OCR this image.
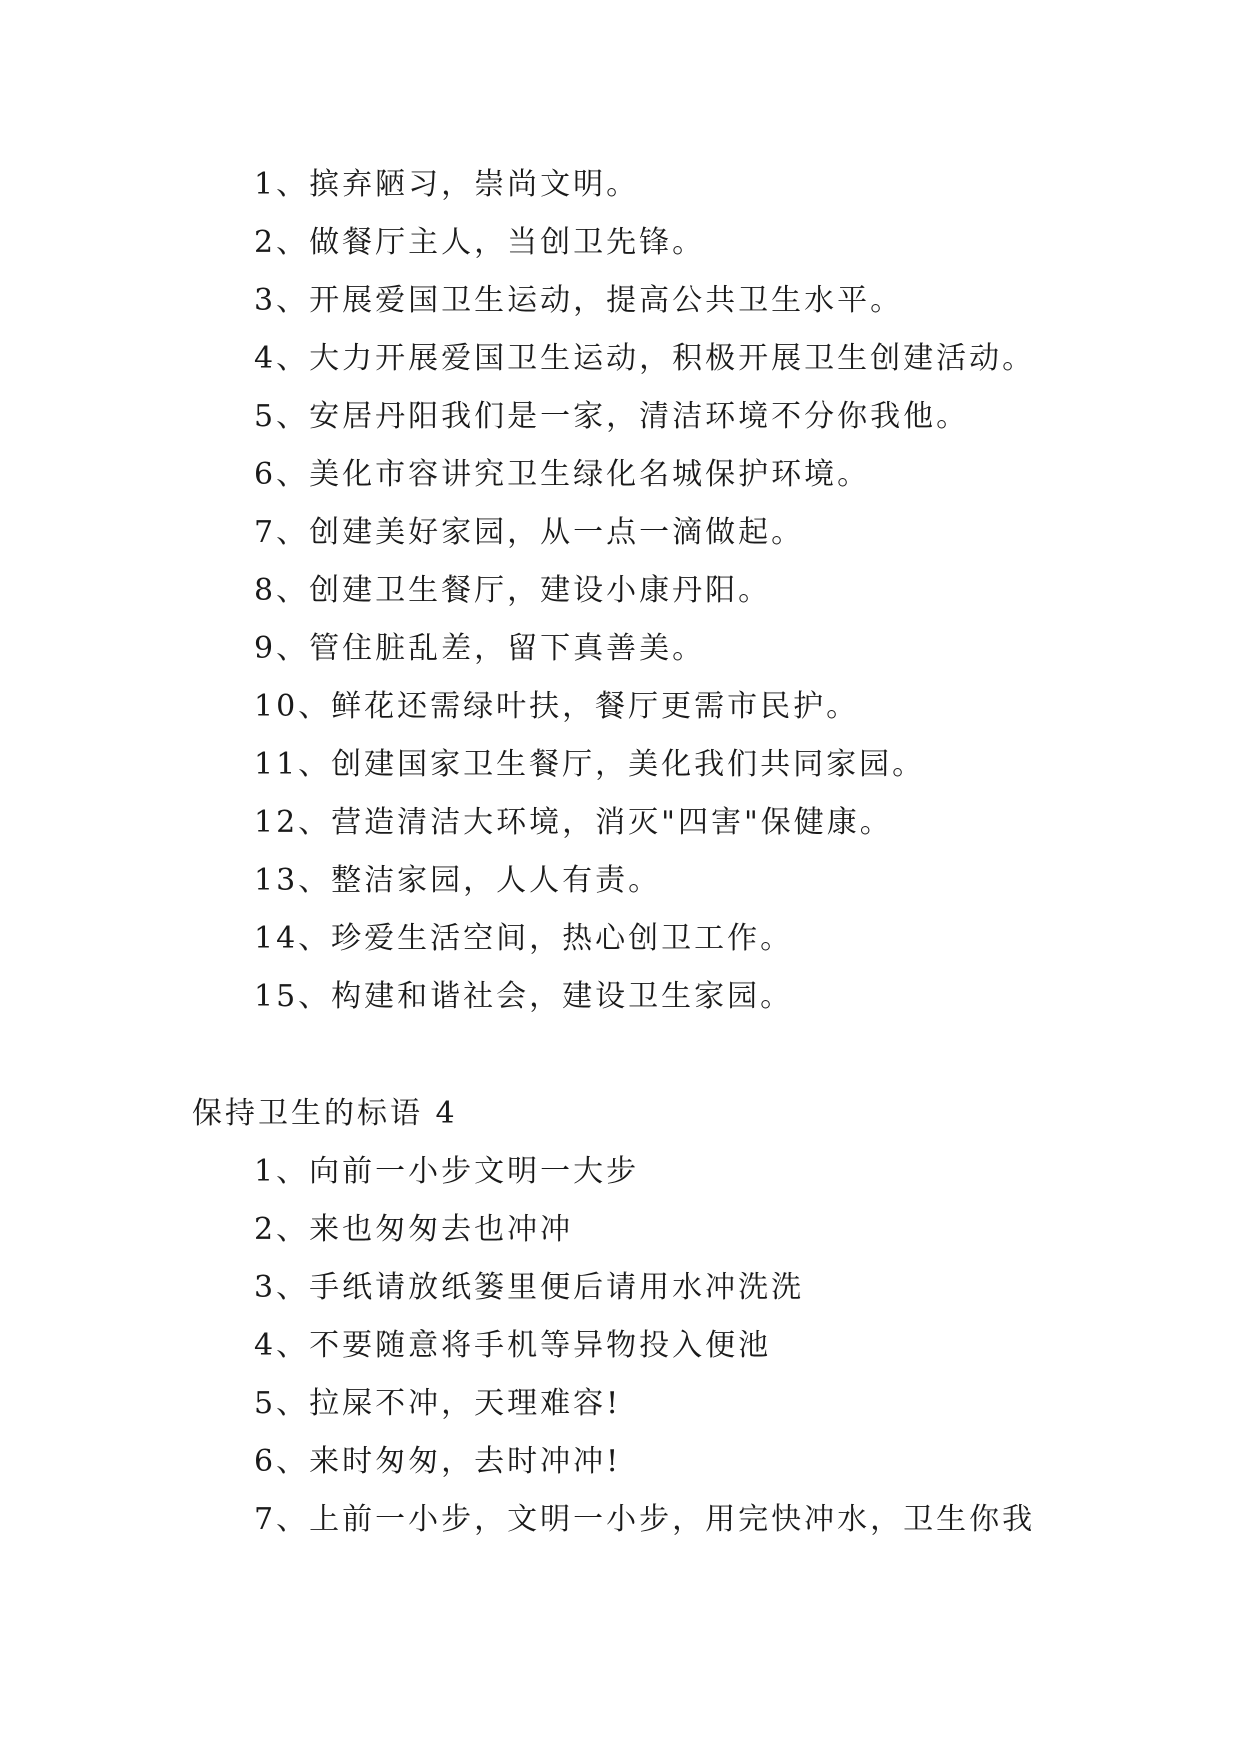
1、摈弃陋习，崇尚文明。
2、做餐厅主人，当创卫先锋。
3、开展爱国卫生运动，提高公共卫生水平。
4、大力开展爱国卫生运动，积极开展卫生创建活动。
5、安居丹阳我们是一家，清洁环境不分你我他。
6、美化市容讲究卫生绿化名城保护环境。
7、创建美好家园，从一点一滴做起。
8、创建卫生餐厅，建设小康丹阳。
9、管住脏乱差，留下真善美。
10、鲜花还需绿叶扶，餐厅更需市民护。
11、创建国家卫生餐厅，美化我们共同家园。
12、营造清洁大环境，消灭"四害"保健康。
13、整洁家园，人人有责。
14、珍爱生活空间，热心创卫工作。
15、构建和谐社会，建设卫生家园。
保持卫生的标语 4
1、向前一小步文明一大步
2、来也匆匆去也冲冲
3、手纸请放纸篓里便后请用水冲洗洗
4、不要随意将手机等异物投入便池
5、拉屎不冲，天理难容!
6、来时匆匆，去时冲冲!
7、上前一小步，文明一小步，用完快冲水，卫生你我
